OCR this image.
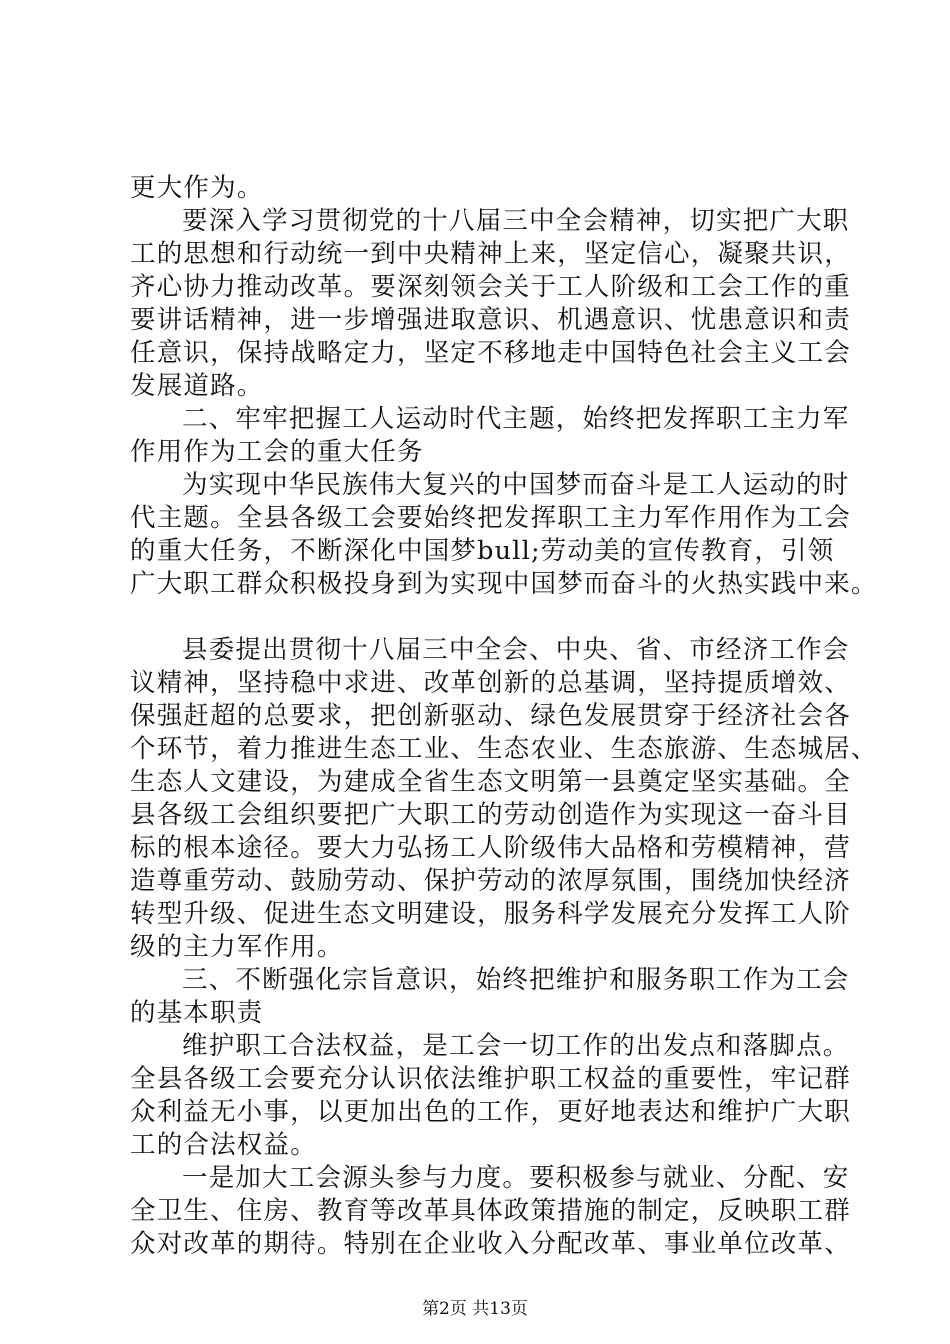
更大作为。
要深入学习贯彻党的十八届三中全会精神，切实把广大职
工的思想和行动统一到中央精神上来，坚定信心，凝聚共识，
齐心协力推动改革。要深刻领会关于工人阶级和工会工作的重
要讲话精神，进一步增强进取意识、机遇意识、忧患意识和责
任意识，保持战略定力，坚定不移地走中国特色社会主义工会
发展道路。
二、牢牢把握工人运动时代主题，始终把发挥职工主力军
作用作为工会的重大任务
为实现中华民族伟大复兴的中国梦而奋斗是工人运动的时
代主题。全县各级工会要始终把发挥职工主力军作用作为工会
的重大任务，不断深化中国梦bull;劳动美的宣传教育，引领
广大职工群众积极投身到为实现中国梦而奋斗的火热实践中来。
县委提出贯彻十八届三中全会、中央、省、市经济工作会
议精神，坚持稳中求进、改革创新的总基调，坚持提质增效、
保强赶超的总要求，把创新驱动、绿色发展贯穿于经济社会各
个环节，着力推进生态工业、生态农业、生态旅游、生态城居、
生态人文建设，为建成全省生态文明第一县奠定坚实基础。全
县各级工会组织要把广大职工的劳动创造作为实现这一奋斗目
标的根本途径。要大力弘扬工人阶级伟大品格和劳模精神，营
造尊重劳动、鼓励劳动、保护劳动的浓厚氛围，围绕加快经济
转型升级、促进生态文明建设，服务科学发展充分发挥工人阶
级的主力军作用。
三、不断强化宗旨意识，始终把维护和服务职工作为工会
的基本职责
维护职工合法权益，是工会一切工作的出发点和落脚点。
全县各级工会要充分认识依法维护职工权益的重要性，牢记群
众利益无小事，以更加出色的工作，更好地表达和维护广大职
工的合法权益。
一是加大工会源头参与力度。要积极参与就业、分配、安
全卫生、住房、教育等改革具体政策措施的制定，反映职工群
众对改革的期待。特别在企业收入分配改革、事业单位改革、
第2页 共13页
